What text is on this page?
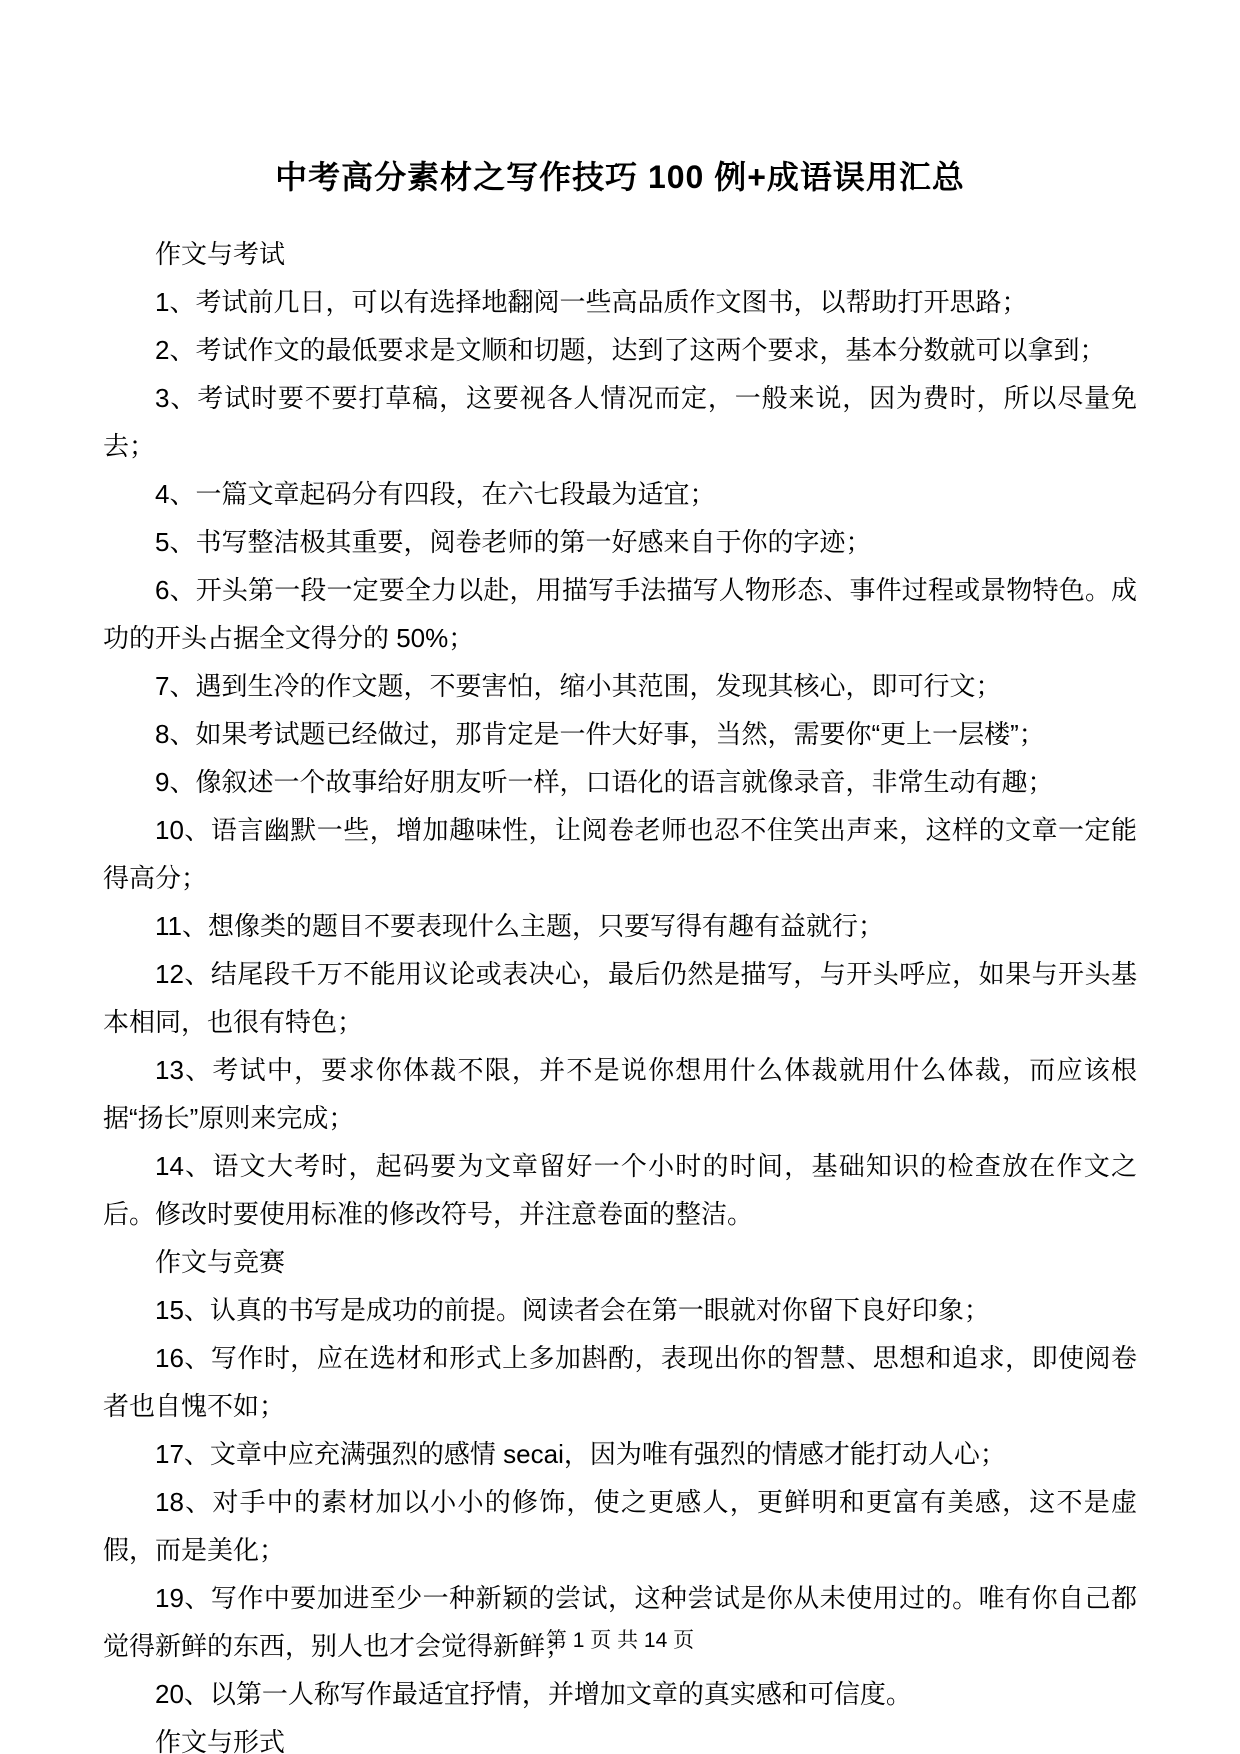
中考高分素材之写作技巧 100 例+成语误用汇总

作文与考试

1、考试前几日，可以有选择地翻阅一些高品质作文图书，以帮助打开思路；

2、考试作文的最低要求是文顺和切题，达到了这两个要求，基本分数就可以拿到；

3、考试时要不要打草稿，这要视各人情况而定，一般来说，因为费时，所以尽量免去；

4、一篇文章起码分有四段，在六七段最为适宜；

5、书写整洁极其重要，阅卷老师的第一好感来自于你的字迹；

6、开头第一段一定要全力以赴，用描写手法描写人物形态、事件过程或景物特色。成功的开头占据全文得分的 50%；

7、遇到生冷的作文题，不要害怕，缩小其范围，发现其核心，即可行文；

8、如果考试题已经做过，那肯定是一件大好事，当然，需要你“更上一层楼”；

9、像叙述一个故事给好朋友听一样，口语化的语言就像录音，非常生动有趣；

10、语言幽默一些，增加趣味性，让阅卷老师也忍不住笑出声来，这样的文章一定能得高分；

11、想像类的题目不要表现什么主题，只要写得有趣有益就行；

12、结尾段千万不能用议论或表决心，最后仍然是描写，与开头呼应，如果与开头基本相同，也很有特色；

13、考试中，要求你体裁不限，并不是说你想用什么体裁就用什么体裁，而应该根据“扬长”原则来完成；

14、语文大考时，起码要为文章留好一个小时的时间，基础知识的检查放在作文之后。修改时要使用标准的修改符号，并注意卷面的整洁。

作文与竞赛

15、认真的书写是成功的前提。阅读者会在第一眼就对你留下良好印象；

16、写作时，应在选材和形式上多加斟酌，表现出你的智慧、思想和追求，即使阅卷者也自愧不如；

17、文章中应充满强烈的感情 secai，因为唯有强烈的情感才能打动人心；

18、对手中的素材加以小小的修饰，使之更感人，更鲜明和更富有美感，这不是虚假，而是美化；

19、写作中要加进至少一种新颖的尝试，这种尝试是你从未使用过的。唯有你自己都觉得新鲜的东西，别人也才会觉得新鲜；

20、以第一人称写作最适宜抒情，并增加文章的真实感和可信度。

作文与形式

第 1 页 共 14 页
